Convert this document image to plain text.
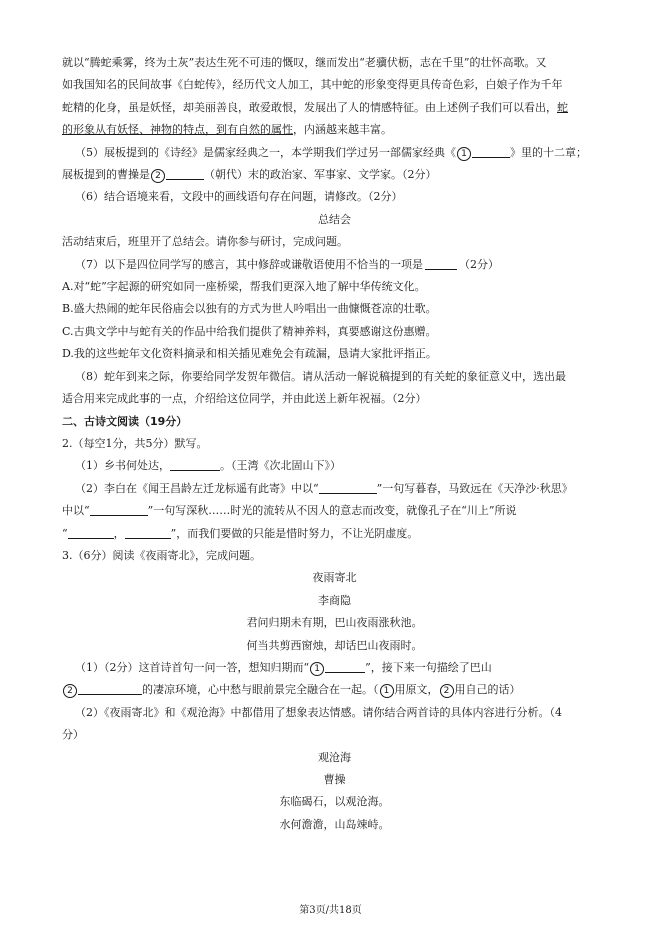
就以“腾蛇乘雾，终为土灰”表达生死不可违的慨叹，继而发出“老骥伏枥，志在千里”的壮怀高歌。又

如我国知名的民间故事《白蛇传》，经历代文人加工，其中蛇的形象变得更具传奇色彩，白娘子作为千年

蛇精的化身，虽是妖怪，却美丽善良，敢爱敢恨，发展出了人的情感特征。由上述例子我们可以看出，蛇

的形象从有妖怪、神物的特点，到有自然的属性，内涵越来越丰富。

（5）展板提到的《诗经》是儒家经典之一，本学期我们学过另一部儒家经典《 1	》里的十二章；

展板提到的曹操是 2	（朝代）末的政治家、军事家、文学家。（2分）

（6）结合语境来看，文段中的画线语句存在问题，请修改。（2分）

总结会

活动结束后，班里开了总结会。请你参与研讨，完成问题。

（7）以下是四位同学写的感言，其中修辞或谦敬语使用不恰当的一项是	（2分）

A.对“蛇”字起源的研究如同一座桥梁，帮我们更深入地了解中华传统文化。

B.盛大热闹的蛇年民俗庙会以独有的方式为世人吟唱出一曲慷慨苍凉的壮歌。

C.古典文学中与蛇有关的作品中给我们提供了精神养料，真要感谢这份惠赠。

D.我的这些蛇年文化资料摘录和相关插见难免会有疏漏，恳请大家批评指正。

（8）蛇年到来之际，你要给同学发贺年微信。请从活动一解说稿提到的有关蛇的象征意义中，选出最

适合用来完成此事的一点，介绍给这位同学，并由此送上新年祝福。（2分）

二、古诗文阅读（19分）

2.（每空1分，共5分）默写。

（1）乡书何处达，	。（王湾《次北固山下》）

（2）李白在《闻王昌龄左迁龙标遥有此寄》中以“	”一句写暮春，马致远在《天净沙·秋思》

中以“	”一句写深秋……时光的流转从不因人的意志而改变，就像孔子在“川上”所说

“	，	”，而我们要做的只能是惜时努力，不让光阴虚度。

3.（6分）阅读《夜雨寄北》，完成问题。

夜雨寄北

李商隐

君问归期未有期，巴山夜雨涨秋池。

何当共剪西窗烛，却话巴山夜雨时。

（1）（2分）这首诗首句一问一答，想知归期而“ 1	”，接下来一句描绘了巴山

2	的凄凉环境，心中愁与眼前景完全融合在一起。（ 1 用原文， 2 用自己的话）

（2）《夜雨寄北》和《观沧海》中都借用了想象表达情感。请你结合两首诗的具体内容进行分析。（4

分）

观沧海

曹操

东临碣石，以观沧海。

水何澹澹，山岛竦峙。

第3页/共18页
